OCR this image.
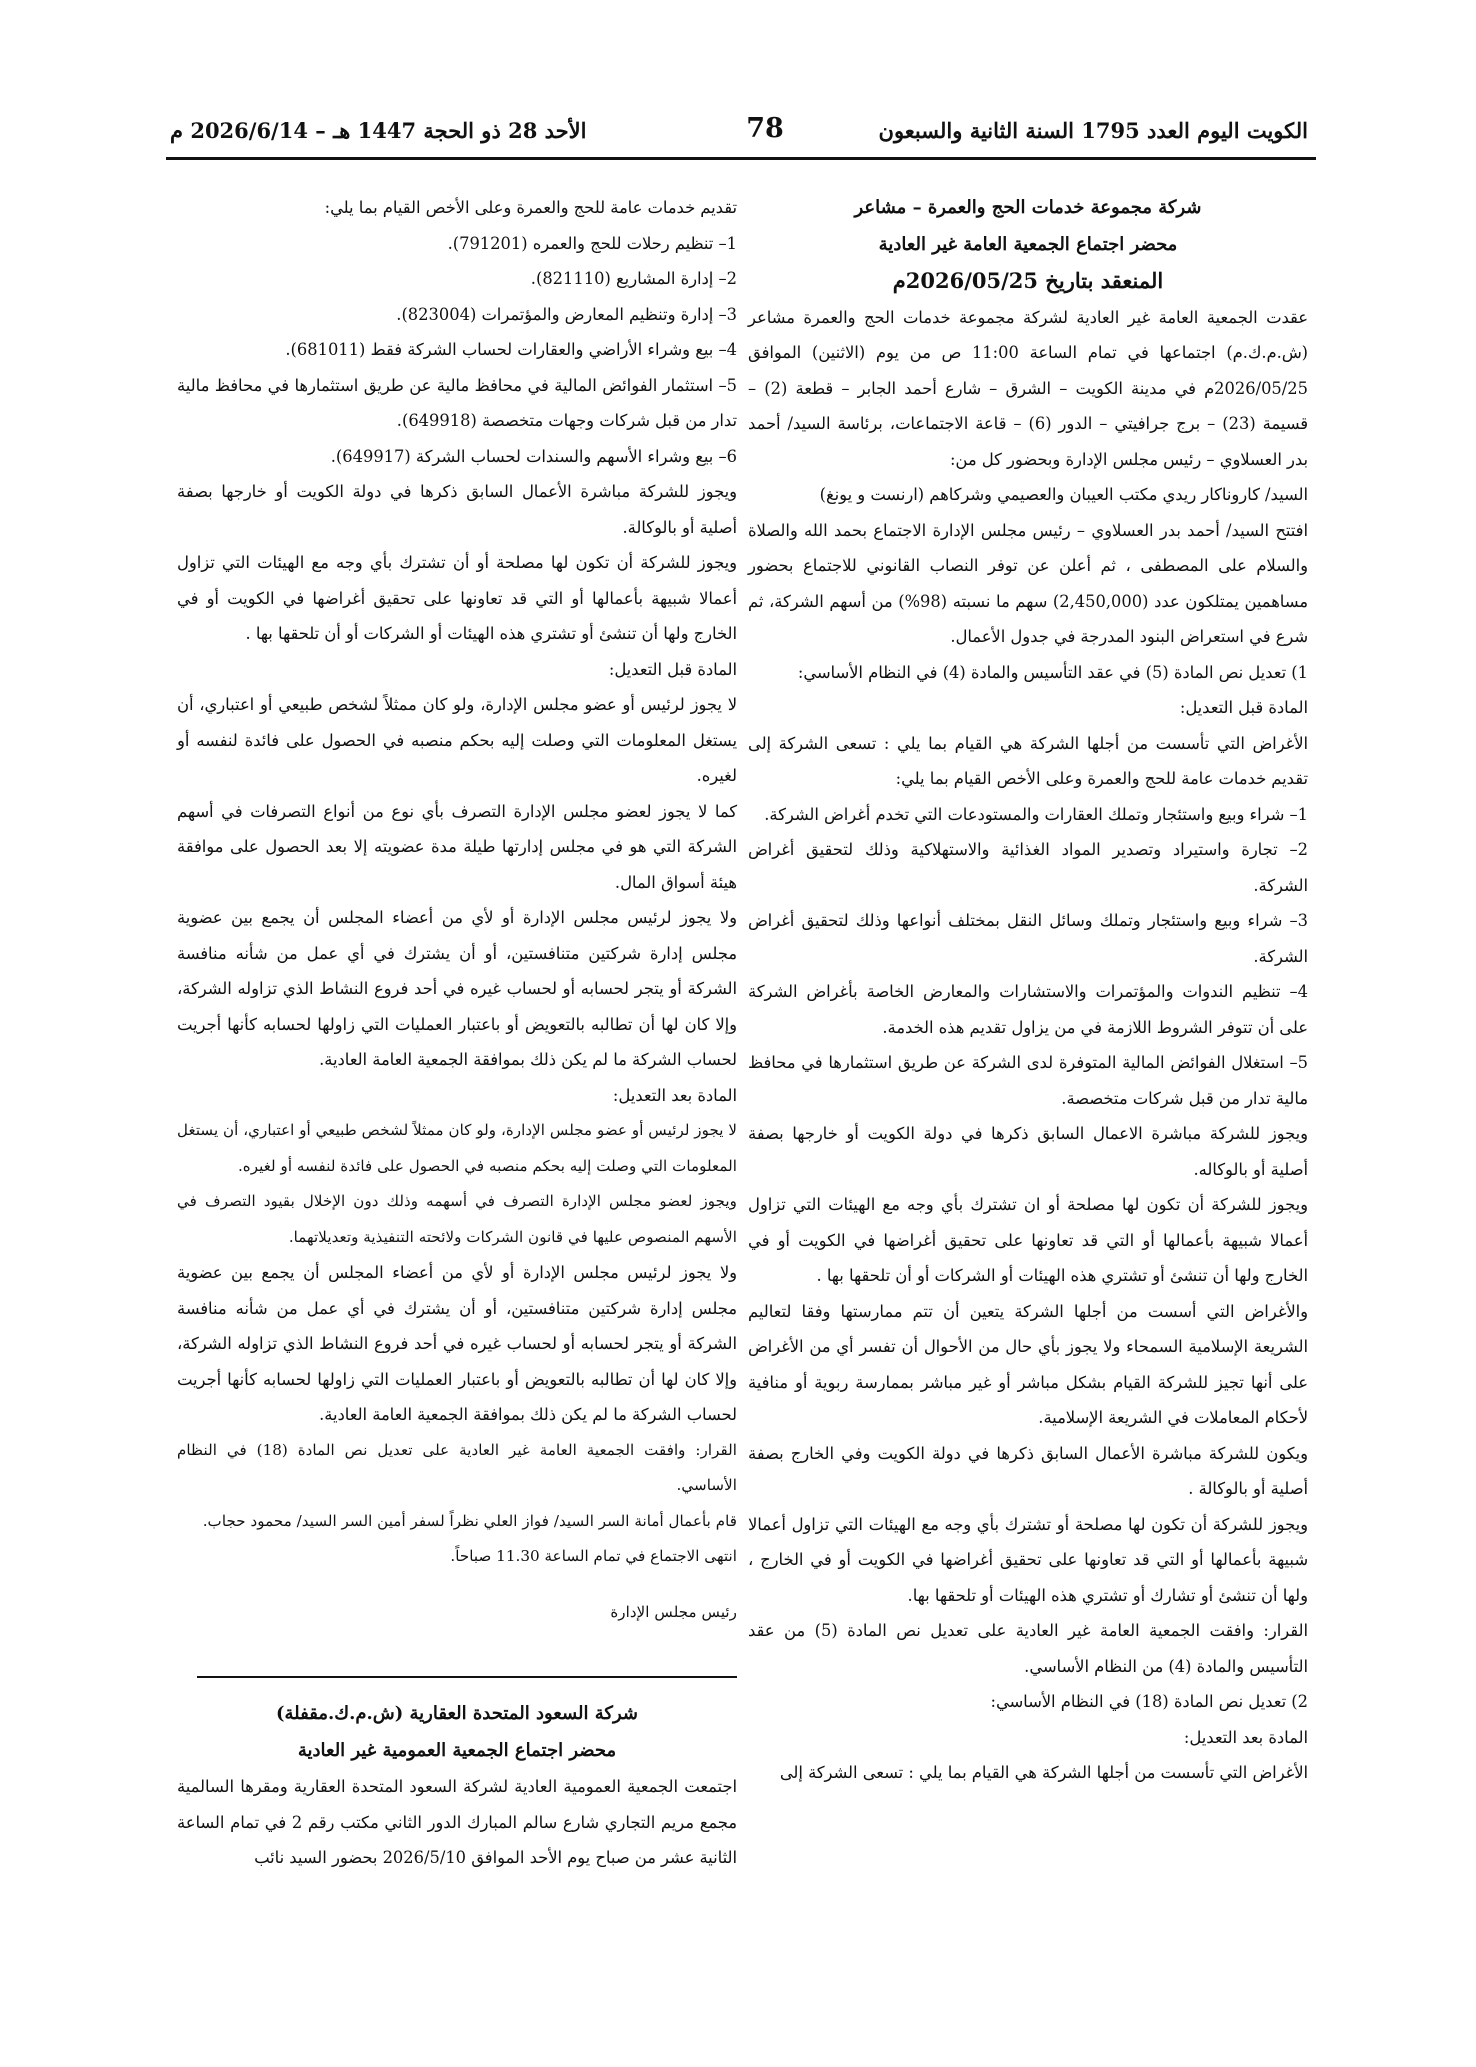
الكويت اليوم العدد 1795 السنة الثانية والسبعون
78
الأحد 28 ذو الحجة 1447 هـ – 2026/6/14 م

شركة مجموعة خدمات الحج والعمرة – مشاعر

محضر اجتماع الجمعية العامة غير العادية

المنعقد بتاريخ 2026/05/25م

عقدت الجمعية العامة غير العادية لشركة مجموعة خدمات الحج والعمرة مشاعر (ش.م.ك.م) اجتماعها في تمام الساعة 11:00 ص من يوم (الاثنين) الموافق 2026/05/25م في مدينة الكويت – الشرق – شارع أحمد الجابر – قطعة (2) – قسيمة (23) – برج جرافيتي – الدور (6) – قاعة الاجتماعات، برئاسة السيد/ أحمد بدر العسلاوي – رئيس مجلس الإدارة وبحضور كل من:

السيد/ كاروناكار ريدي مكتب العيبان والعصيمي وشركاهم (ارنست و يونغ)

افتتح السيد/ أحمد بدر العسلاوي – رئيس مجلس الإدارة الاجتماع بحمد الله والصلاة والسلام على المصطفى ، ثم أعلن عن توفر النصاب القانوني للاجتماع بحضور مساهمين يمتلكون عدد (2,450,000) سهم ما نسبته (98%) من أسهم الشركة، ثم شرع في استعراض البنود المدرجة في جدول الأعمال.

1) تعديل نص المادة (5) في عقد التأسيس والمادة (4) في النظام الأساسي:

المادة قبل التعديل:

الأغراض التي تأسست من أجلها الشركة هي القيام بما يلي : تسعى الشركة إلى تقديم خدمات عامة للحج والعمرة وعلى الأخص القيام بما يلي:

1– شراء وبيع واستئجار وتملك العقارات والمستودعات التي تخدم أغراض الشركة.

2– تجارة واستيراد وتصدير المواد الغذائية والاستهلاكية وذلك لتحقيق أغراض الشركة.

3– شراء وبيع واستئجار وتملك وسائل النقل بمختلف أنواعها وذلك لتحقيق أغراض الشركة.

4– تنظيم الندوات والمؤتمرات والاستشارات والمعارض الخاصة بأغراض الشركة على أن تتوفر الشروط اللازمة في من يزاول تقديم هذه الخدمة.

5– استغلال الفوائض المالية المتوفرة لدى الشركة عن طريق استثمارها في محافظ مالية تدار من قبل شركات متخصصة.

ويجوز للشركة مباشرة الاعمال السابق ذكرها في دولة الكويت أو خارجها بصفة أصلية أو بالوكاله.

ويجوز للشركة أن تكون لها مصلحة أو ان تشترك بأي وجه مع الهيئات التي تزاول أعمالا شبيهة بأعمالها أو التي قد تعاونها على تحقيق أغراضها في الكويت أو في الخارج ولها أن تنشئ أو تشتري هذه الهيئات أو الشركات أو أن تلحقها بها .

والأغراض التي أسست من أجلها الشركة يتعين أن تتم ممارستها وفقا لتعاليم الشريعة الإسلامية السمحاء ولا يجوز بأي حال من الأحوال أن تفسر أي من الأغراض على أنها تجيز للشركة القيام بشكل مباشر أو غير مباشر بممارسة ربوية أو منافية لأحكام المعاملات في الشريعة الإسلامية.

ويكون للشركة مباشرة الأعمال السابق ذكرها في دولة الكويت وفي الخارج بصفة أصلية أو بالوكالة .

ويجوز للشركة أن تكون لها مصلحة أو تشترك بأي وجه مع الهيئات التي تزاول أعمالا شبيهة بأعمالها أو التي قد تعاونها على تحقيق أغراضها في الكويت أو في الخارج ، ولها أن تنشئ أو تشارك أو تشتري هذه الهيئات أو تلحقها بها.

القرار: وافقت الجمعية العامة غير العادية على تعديل نص المادة (5) من عقد التأسيس والمادة (4) من النظام الأساسي.

2) تعديل نص المادة (18) في النظام الأساسي:

المادة بعد التعديل:

الأغراض التي تأسست من أجلها الشركة هي القيام بما يلي : تسعى الشركة إلى

تقديم خدمات عامة للحج والعمرة وعلى الأخص القيام بما يلي:

1– تنظيم رحلات للحج والعمره (791201).

2– إدارة المشاريع (821110).

3– إدارة وتنظيم المعارض والمؤتمرات (823004).

4– بيع وشراء الأراضي والعقارات لحساب الشركة فقط (681011).

5– استثمار الفوائض المالية في محافظ مالية عن طريق استثمارها في محافظ مالية تدار من قبل شركات وجهات متخصصة (649918).

6– بيع وشراء الأسهم والسندات لحساب الشركة (649917).

ويجوز للشركة مباشرة الأعمال السابق ذكرها في دولة الكويت أو خارجها بصفة أصلية أو بالوكالة.

ويجوز للشركة أن تكون لها مصلحة أو أن تشترك بأي وجه مع الهيئات التي تزاول أعمالا شبيهة بأعمالها أو التي قد تعاونها على تحقيق أغراضها في الكويت أو في الخارج ولها أن تنشئ أو تشتري هذه الهيئات أو الشركات أو أن تلحقها بها .

المادة قبل التعديل:

لا يجوز لرئيس أو عضو مجلس الإدارة، ولو كان ممثلاً لشخص طبيعي أو اعتباري، أن يستغل المعلومات التي وصلت إليه بحكم منصبه في الحصول على فائدة لنفسه أو لغيره.

كما لا يجوز لعضو مجلس الإدارة التصرف بأي نوع من أنواع التصرفات في أسهم الشركة التي هو في مجلس إدارتها طيلة مدة عضويته إلا بعد الحصول على موافقة هيئة أسواق المال.

ولا يجوز لرئيس مجلس الإدارة أو لأي من أعضاء المجلس أن يجمع بين عضوية مجلس إدارة شركتين متنافستين، أو أن يشترك في أي عمل من شأنه منافسة الشركة أو يتجر لحسابه أو لحساب غيره في أحد فروع النشاط الذي تزاوله الشركة، وإلا كان لها أن تطالبه بالتعويض أو باعتبار العمليات التي زاولها لحسابه كأنها أجريت لحساب الشركة ما لم يكن ذلك بموافقة الجمعية العامة العادية.

المادة بعد التعديل:

لا يجوز لرئيس أو عضو مجلس الإدارة، ولو كان ممثلاً لشخص طبيعي أو اعتباري، أن يستغل المعلومات التي وصلت إليه بحكم منصبه في الحصول على فائدة لنفسه أو لغيره.

ويجوز لعضو مجلس الإدارة التصرف في أسهمه وذلك دون الإخلال بقيود التصرف في الأسهم المنصوص عليها في قانون الشركات ولائحته التنفيذية وتعديلاتهما.

ولا يجوز لرئيس مجلس الإدارة أو لأي من أعضاء المجلس أن يجمع بين عضوية مجلس إدارة شركتين متنافستين، أو أن يشترك في أي عمل من شأنه منافسة الشركة أو يتجر لحسابه أو لحساب غيره في أحد فروع النشاط الذي تزاوله الشركة، وإلا كان لها أن تطالبه بالتعويض أو باعتبار العمليات التي زاولها لحسابه كأنها أجريت لحساب الشركة ما لم يكن ذلك بموافقة الجمعية العامة العادية.

القرار: وافقت الجمعية العامة غير العادية على تعديل نص المادة (18) في النظام الأساسي.

قام بأعمال أمانة السر السيد/ فواز العلي نظراً لسفر أمين السر السيد/ محمود حجاب.

انتهى الاجتماع في تمام الساعة 11.30 صباحاً.

رئيس مجلس الإدارة

شركة السعود المتحدة العقارية (ش.م.ك.مقفلة)

محضر اجتماع الجمعية العمومية غير العادية

اجتمعت الجمعية العمومية العادية لشركة السعود المتحدة العقارية ومقرها السالمية مجمع مريم التجاري شارع سالم المبارك الدور الثاني مكتب رقم 2 في تمام الساعة الثانية عشر من صباح يوم الأحد الموافق 2026/5/10 بحضور السيد نائب
